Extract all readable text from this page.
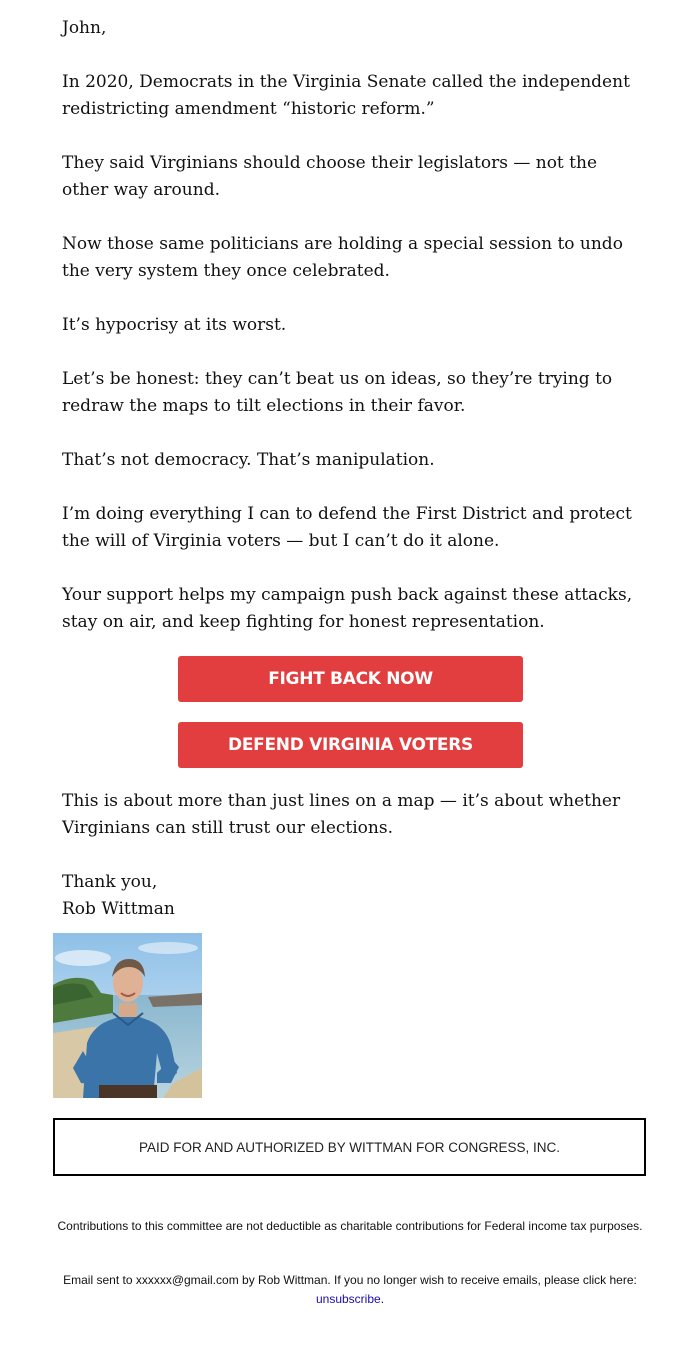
John,

In 2020, Democrats in the Virginia Senate called the independent redistricting amendment “historic reform.”

They said Virginians should choose their legislators — not the other way around.

Now those same politicians are holding a special session to undo the very system they once celebrated.

It’s hypocrisy at its worst.

Let’s be honest: they can’t beat us on ideas, so they’re trying to redraw the maps to tilt elections in their favor.

That’s not democracy. That’s manipulation.

I’m doing everything I can to defend the First District and protect the will of Virginia voters — but I can’t do it alone.

Your support helps my campaign push back against these attacks, stay on air, and keep fighting for honest representation.

FIGHT BACK NOW
DEFEND VIRGINIA VOTERS

This is about more than just lines on a map — it’s about whether Virginians can still trust our elections.

Thank you,

Rob Wittman

PAID FOR AND AUTHORIZED BY WITTMAN FOR CONGRESS, INC.

Contributions to this committee are not deductible as charitable contributions for Federal income tax purposes.

Email sent to xxxxxx@gmail.com by Rob Wittman. If you no longer wish to receive emails, please click here: unsubscribe.
